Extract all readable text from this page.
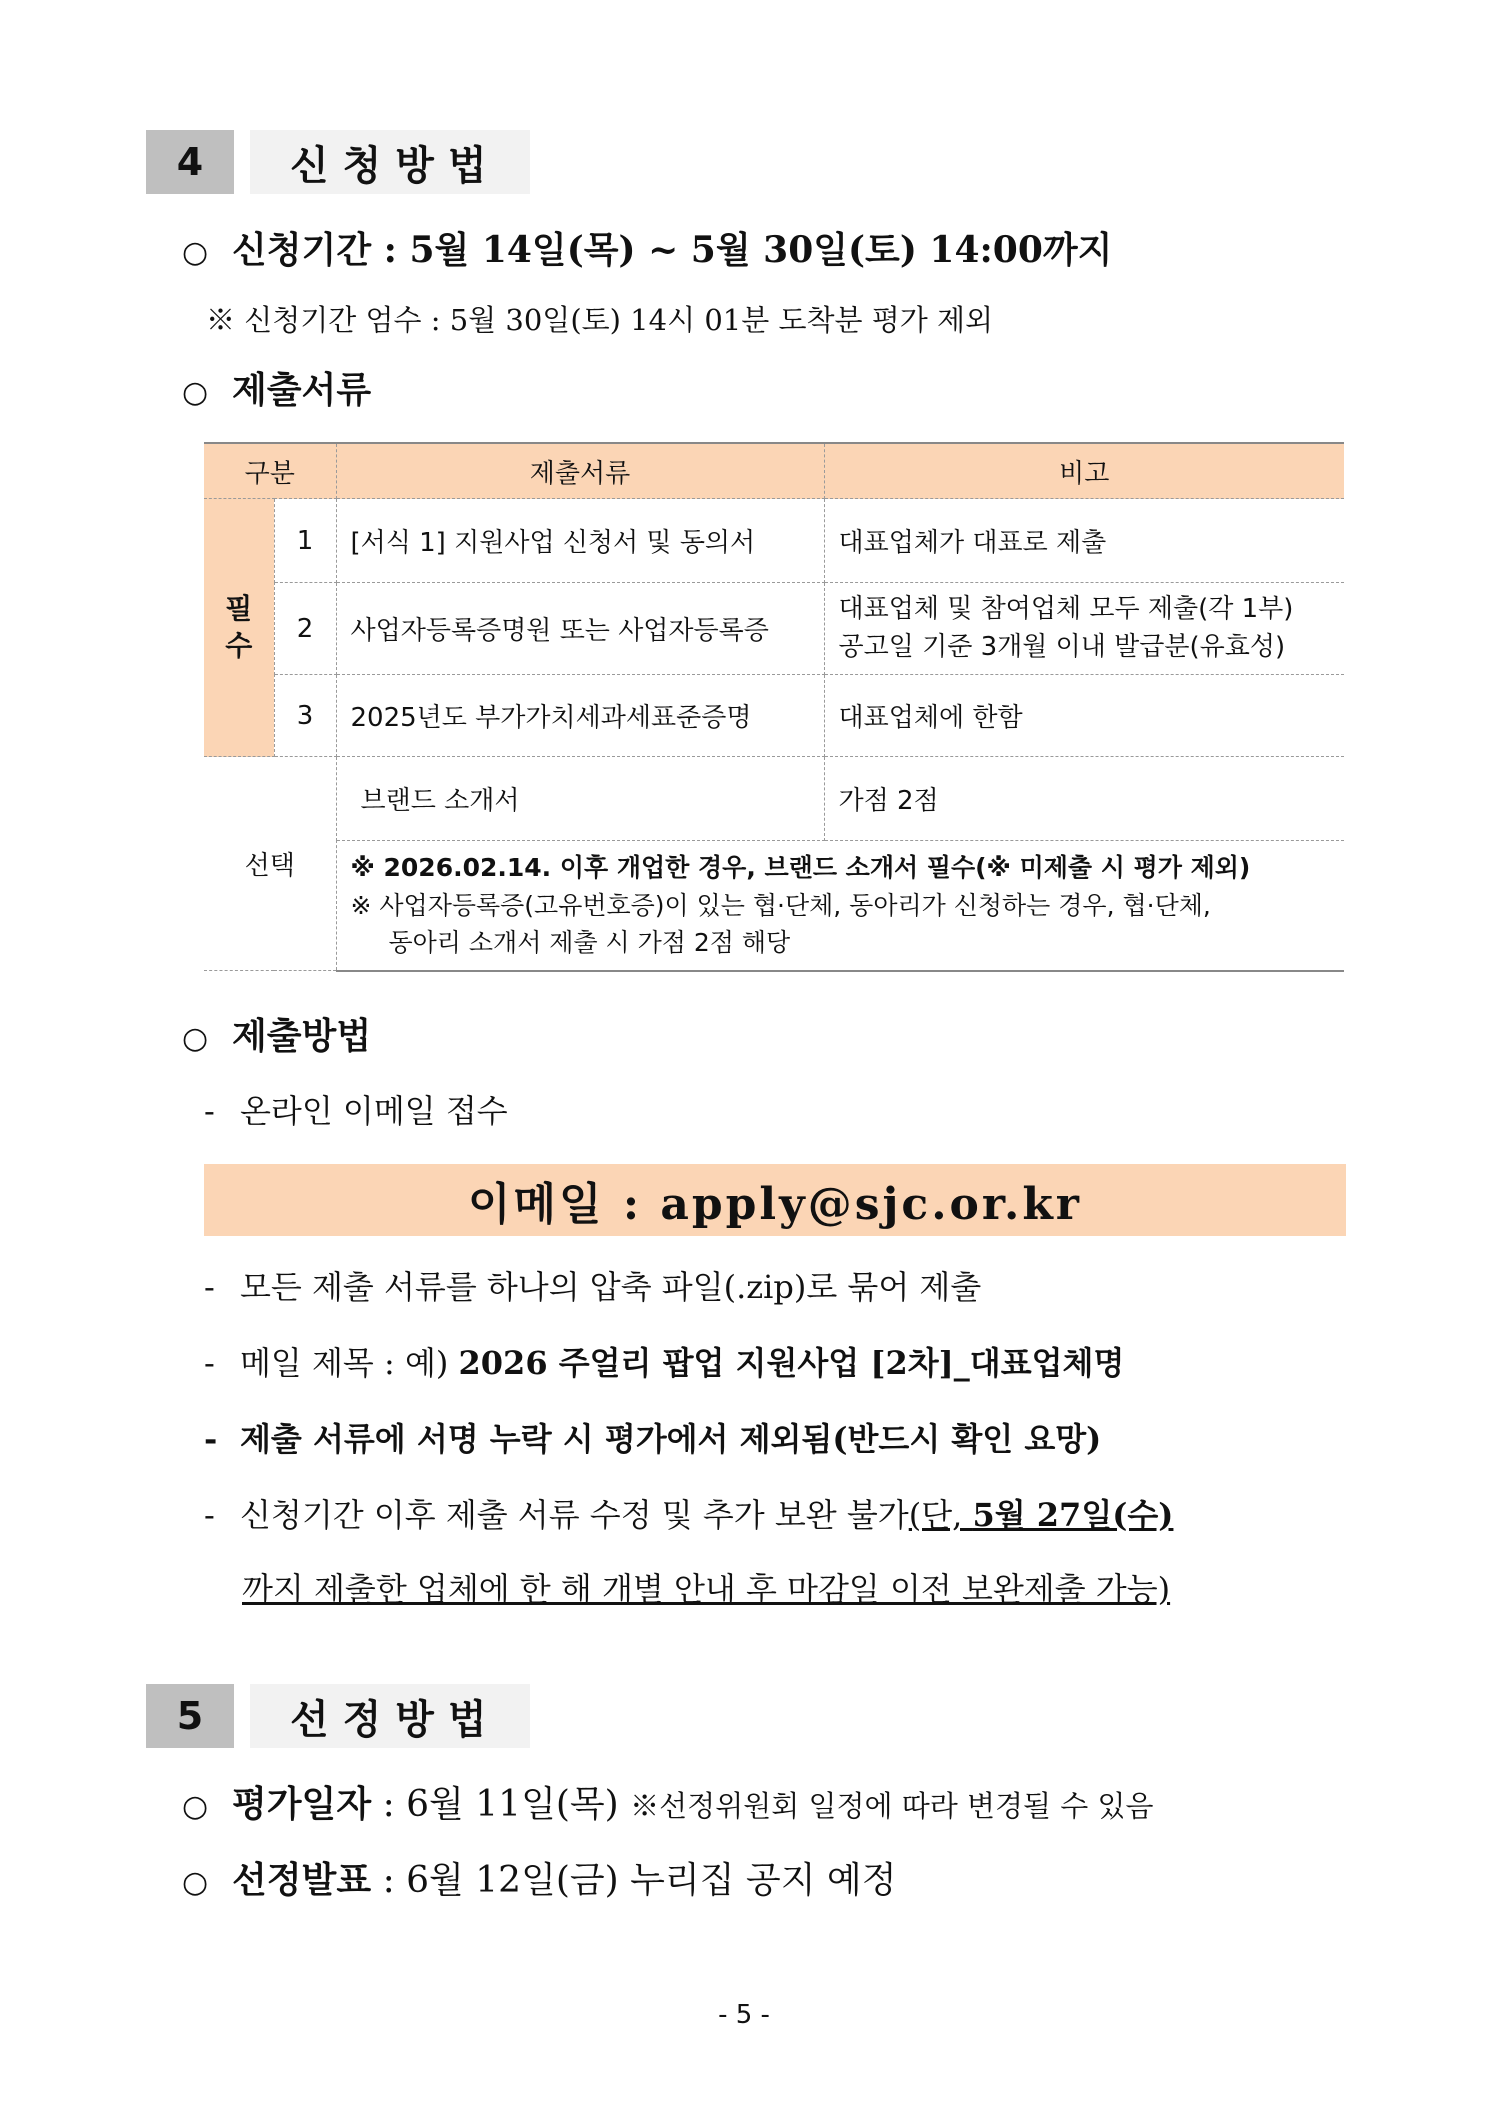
4	신청방법
○ 신청기간 : 5월 14일(목) ~ 5월 30일(토) 14:00까지
※ 신청기간 엄수 : 5월 30일(토) 14시 01분 도착분 평가 제외
○ 제출서류
구분		제출서류	비고
필
수	1	[서식 1] 지원사업 신청서 및 동의서	대표업체가 대표로 제출
	2	사업자등록증명원 또는 사업자등록증	대표업체 및 참여업체 모두 제출(각 1부)
공고일 기준 3개월 이내 발급분(유효성)

	3	2025년도 부가가치세과세표준증명	대표업체에 한함
선택		브랜드 소개서	가점 2점

		※ 2026.02.14. 이후 개업한 경우, 브랜드 소개서 필수(※ 미제출 시 평가 제외)
※ 사업자등록증(고유번호증)이 있는 협·단체, 동아리가 신청하는 경우, 협·단체,
동아리 소개서 제출 시 가점 2점 해당	
○ 제출방법
- 온라인 이메일 접수
이메일 : apply@sjc.or.kr
- 모든 제출 서류를 하나의 압축 파일(.zip)로 묶어 제출
- 메일 제목 : 예) 2026 주얼리 팝업 지원사업 [2차]_대표업체명
- 제출 서류에 서명 누락 시 평가에서 제외됨(반드시 확인 요망)
- 신청기간 이후 제출 서류 수정 및 추가 보완 불가(단, 5월 27일(수)
까지 제출한 업체에 한 해 개별 안내 후 마감일 이전 보완제출 가능)
5	선정방법
○ 평가일자 : 6월 11일(목) ※선정위원회 일정에 따라 변경될 수 있음
○ 선정발표 : 6월 12일(금) 누리집 공지 예정
- 5 -
